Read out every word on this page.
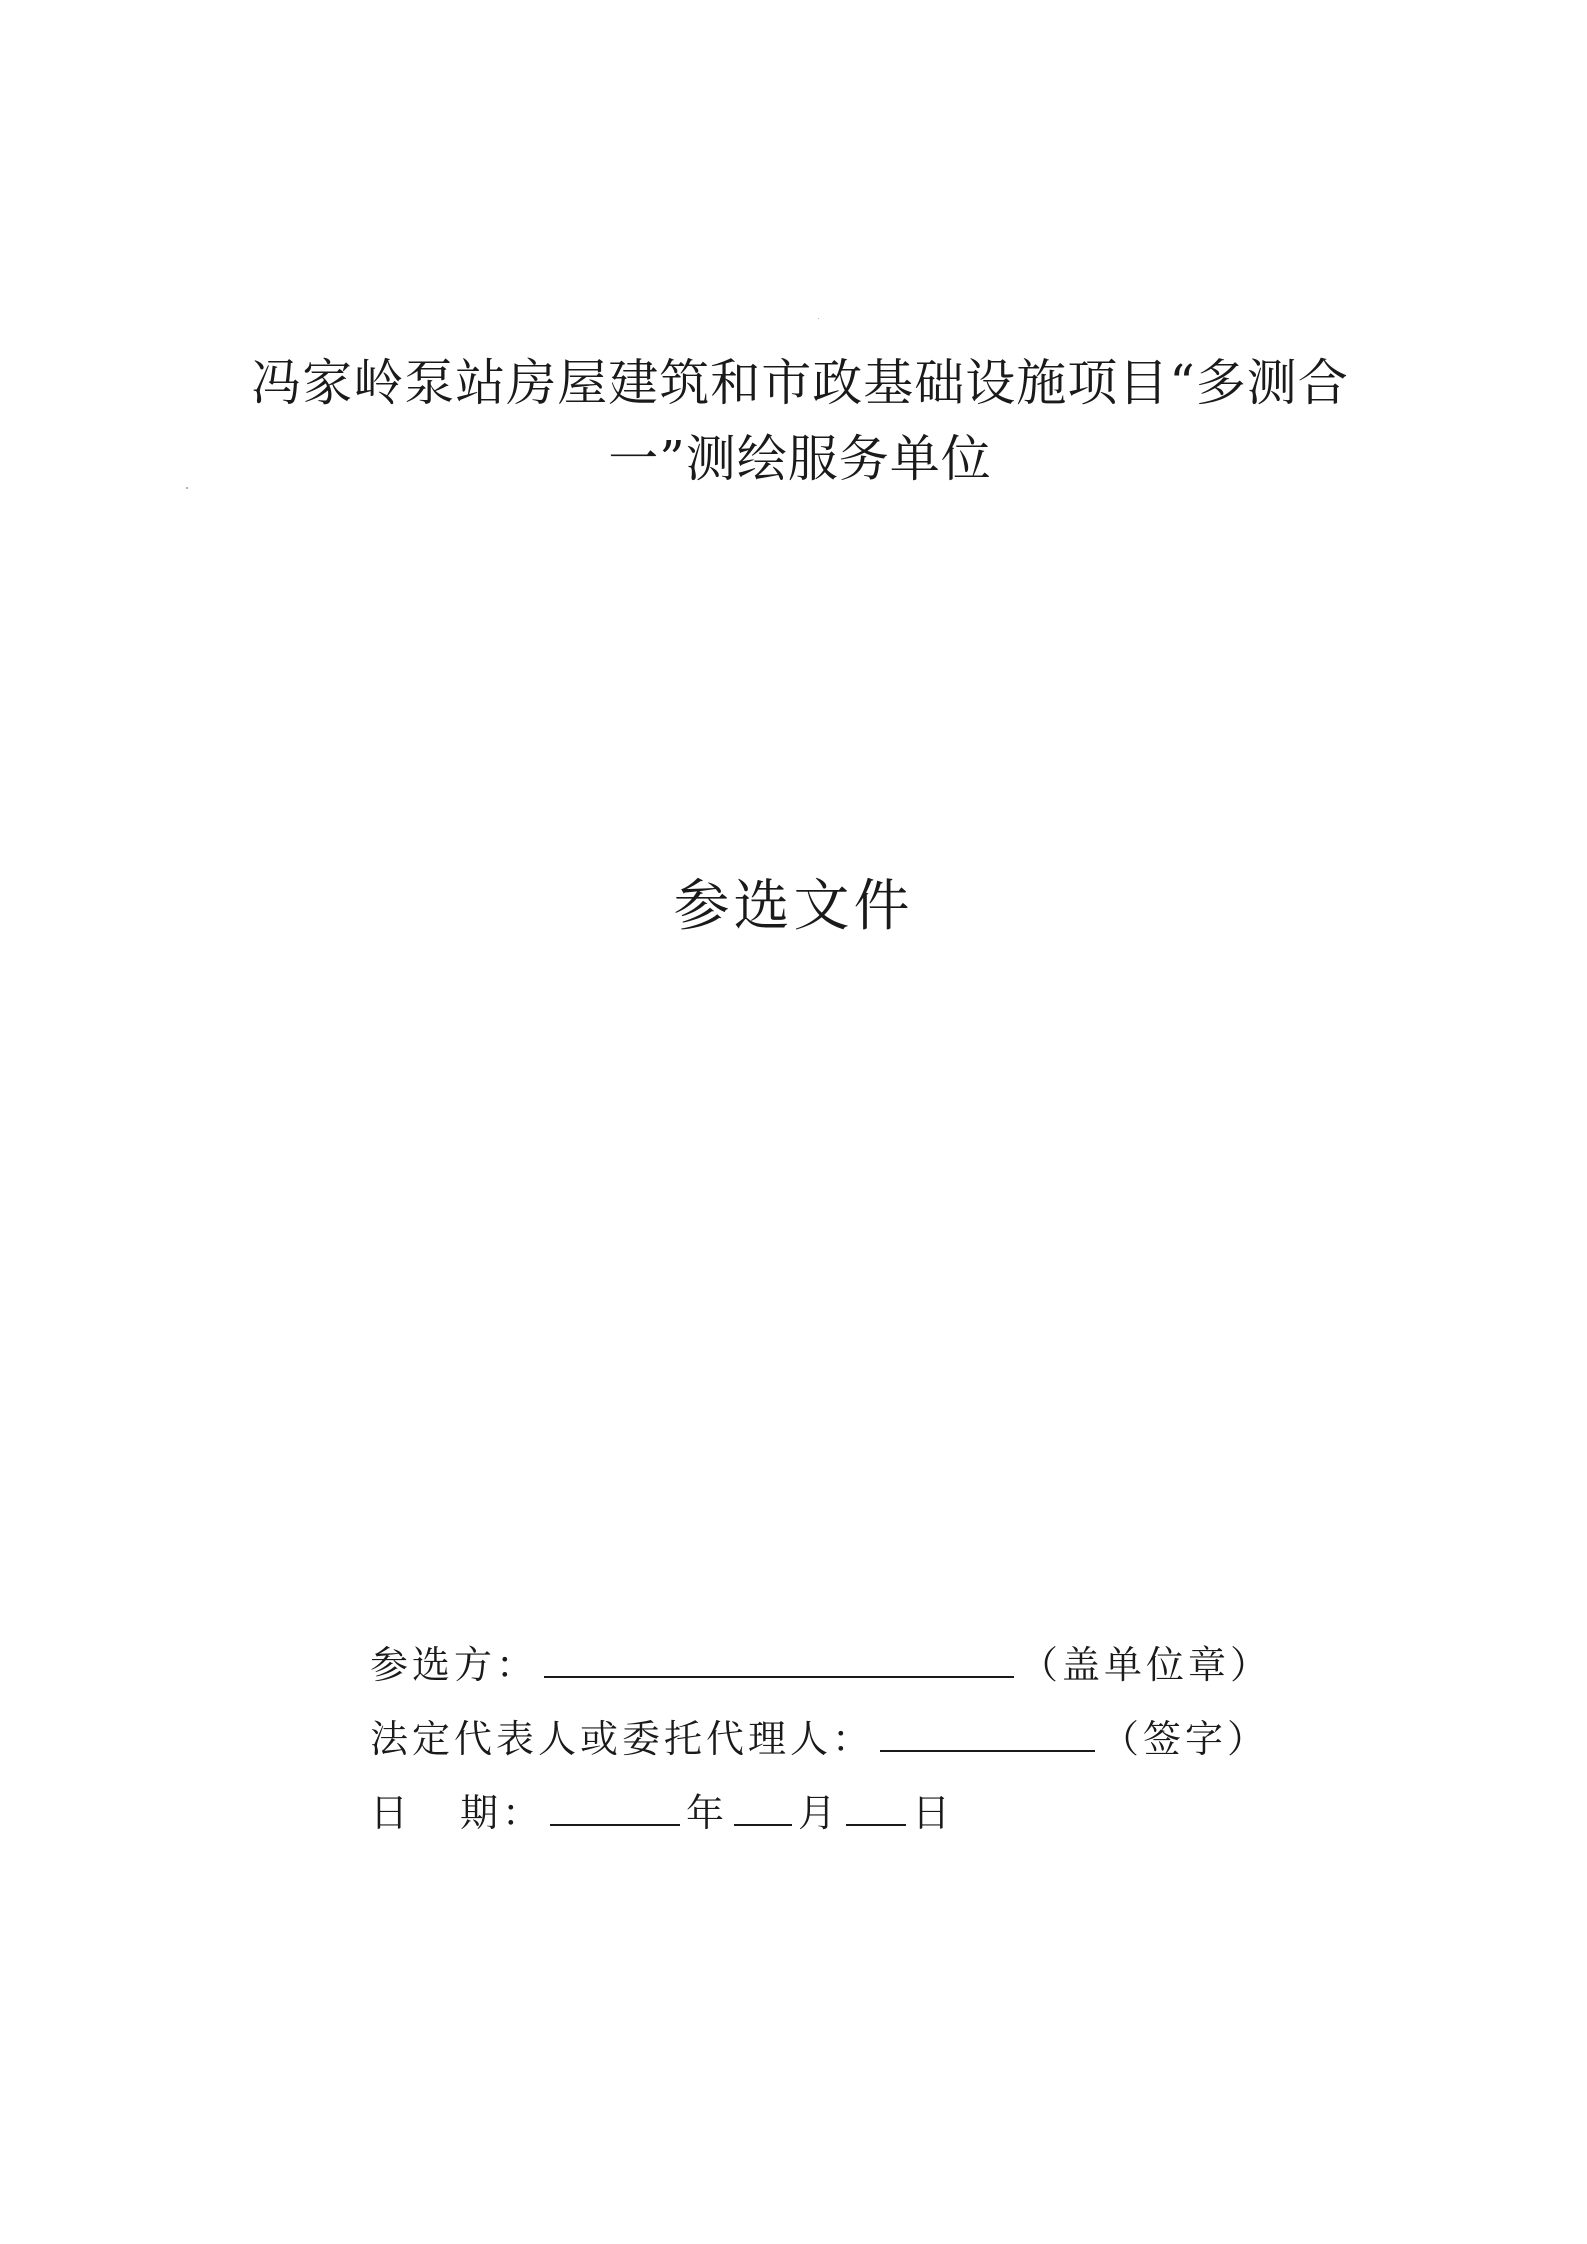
冯家岭泵站房屋建筑和市政基础设施项目“多测合
一”测绘服务单位
参选文件
参选方：	（盖单位章）
法定代表人或委托代理人：	（签字）
日 期：	年 月 日
